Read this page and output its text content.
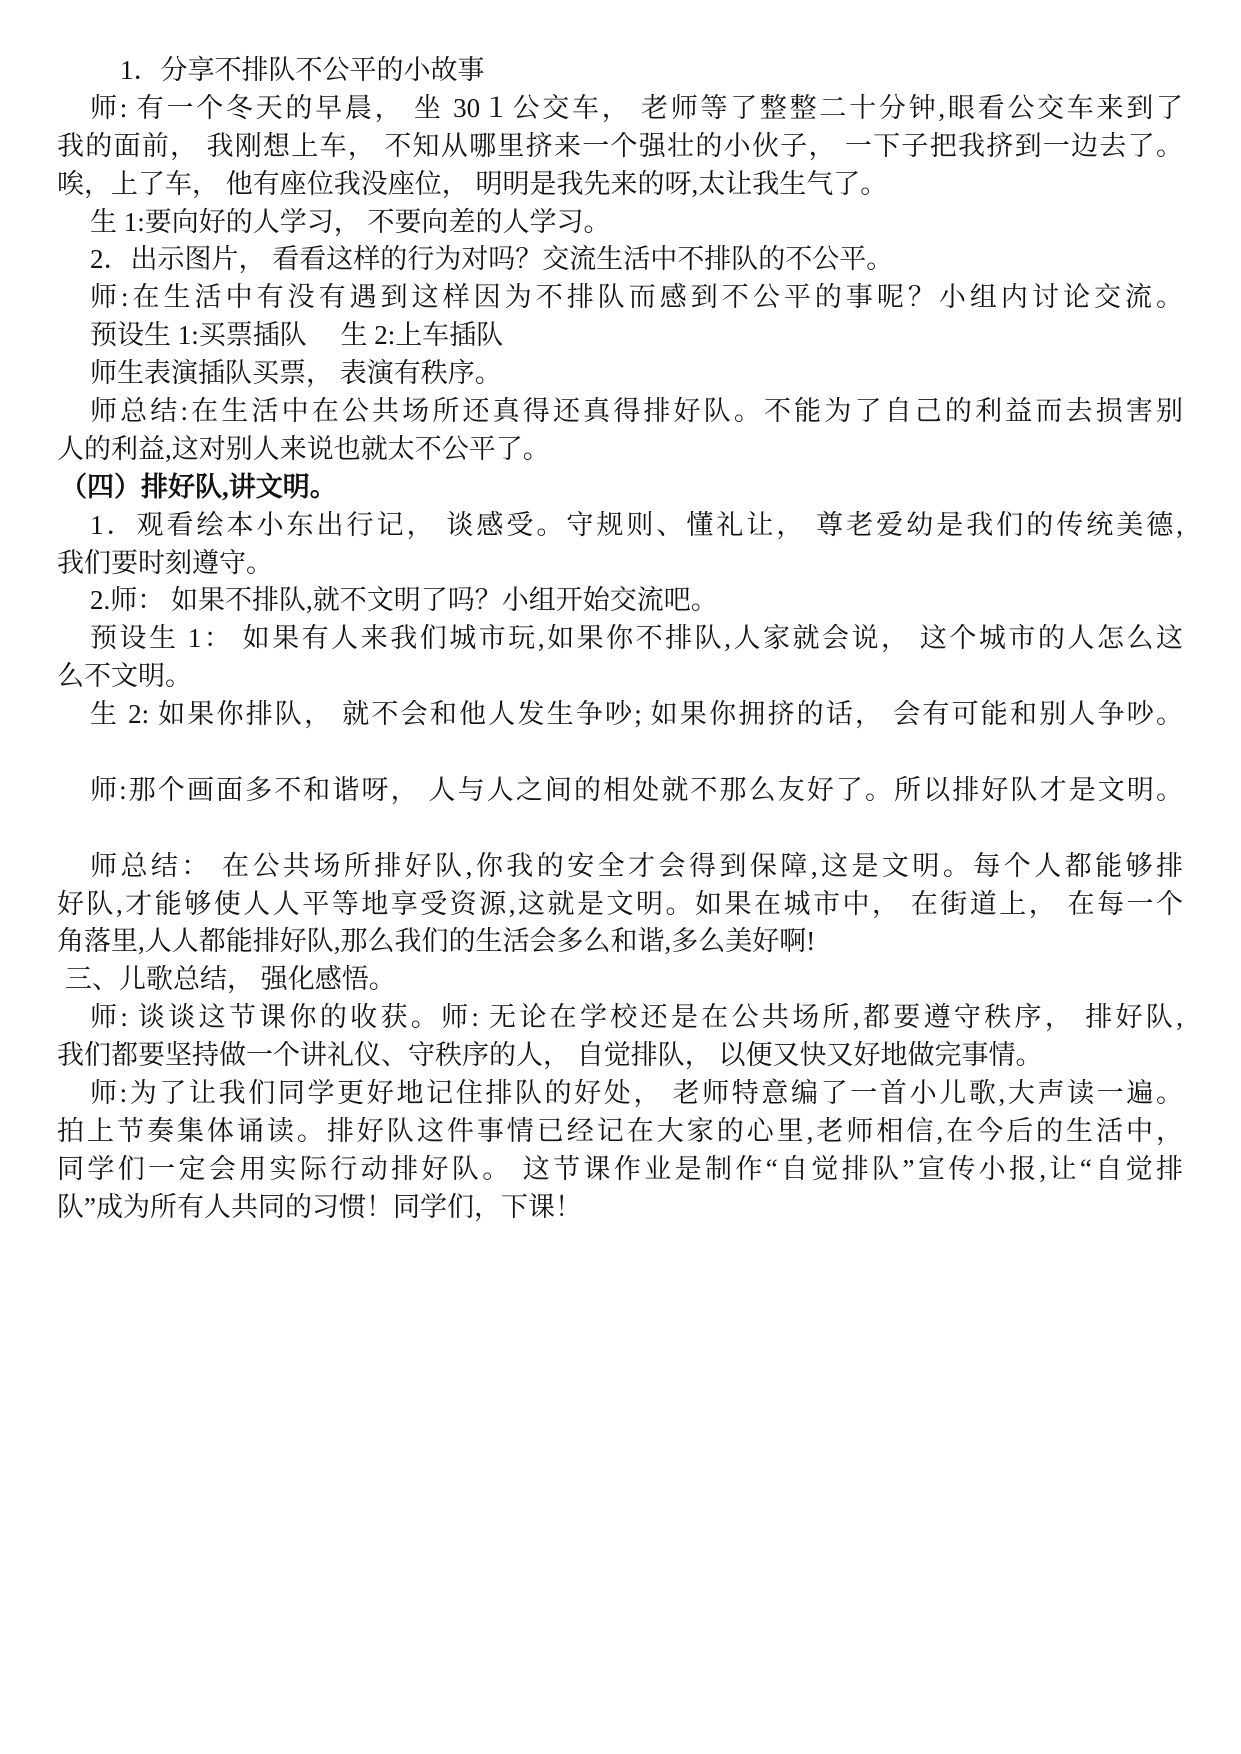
1．分享不排队不公平的小故事

师: 有一个冬天的早晨， 坐 30１公交车， 老师等了整整二十分钟,眼看公交车来到了

我的面前， 我刚想上车， 不知从哪里挤来一个强壮的小伙子， 一下子把我挤到一边去了。

唉，上了车， 他有座位我没座位， 明明是我先来的呀,太让我生气了。

生 1:要向好的人学习， 不要向差的人学习。

2．出示图片， 看看这样的行为对吗？交流生活中不排队的不公平。

师:在生活中有没有遇到这样因为不排队而感到不公平的事呢？小组内讨论交流。

预设生 1:买票插队　 生 2:上车插队

师生表演插队买票， 表演有秩序。

师总结:在生活中在公共场所还真得还真得排好队。不能为了自己的利益而去损害别

人的利益,这对别人来说也就太不公平了。

（四）排好队,讲文明。

1．观看绘本小东出行记， 谈感受。守规则、懂礼让， 尊老爱幼是我们的传统美德,

我们要时刻遵守。

2.师： 如果不排队,就不文明了吗？小组开始交流吧。

预设生 1： 如果有人来我们城市玩,如果你不排队,人家就会说， 这个城市的人怎么这

么不文明。

生 2: 如果你排队， 就不会和他人发生争吵; 如果你拥挤的话， 会有可能和别人争吵。

师:那个画面多不和谐呀， 人与人之间的相处就不那么友好了。所以排好队才是文明。

师总结： 在公共场所排好队,你我的安全才会得到保障,这是文明。每个人都能够排

好队,才能够使人人平等地享受资源,这就是文明。如果在城市中， 在街道上， 在每一个

角落里,人人都能排好队,那么我们的生活会多么和谐,多么美好啊!

三、儿歌总结， 强化感悟。

师: 谈谈这节课你的收获。师: 无论在学校还是在公共场所,都要遵守秩序， 排好队,

我们都要坚持做一个讲礼仪、守秩序的人， 自觉排队， 以便又快又好地做完事情。

师:为了让我们同学更好地记住排队的好处， 老师特意编了一首小儿歌,大声读一遍。

拍上节奏集体诵读。排好队这件事情已经记在大家的心里,老师相信,在今后的生活中，

同学们一定会用实际行动排好队。 这节课作业是制作“自觉排队”宣传小报,让“自觉排

队”成为所有人共同的习惯！同学们，下课！
